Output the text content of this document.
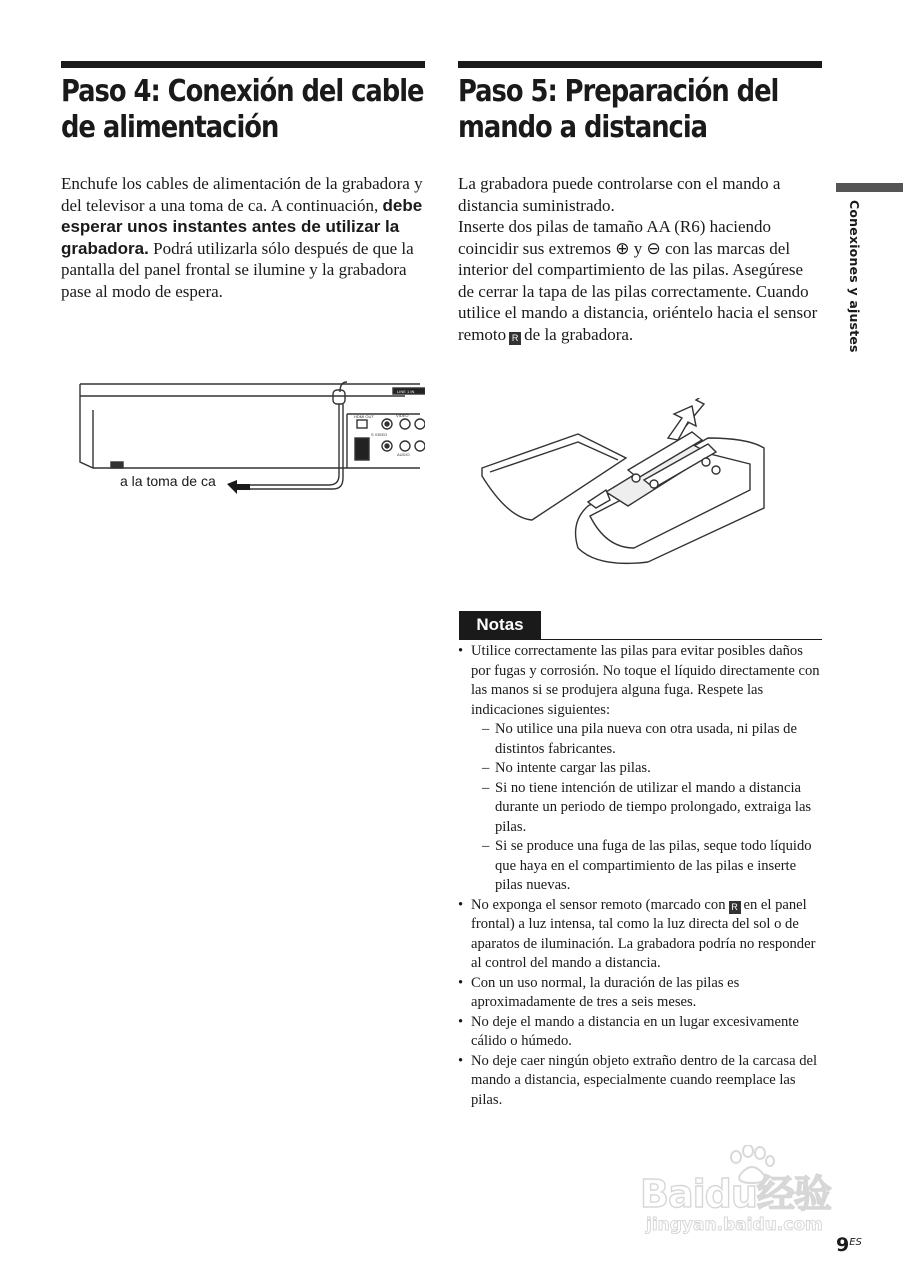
Paso 4: Conexión del cable
de alimentación

Enchufe los cables de alimentación de la grabadora y del televisor a una toma de ca. A continuación, debe esperar unos instantes antes de utilizar la grabadora. Podrá utilizarla sólo después de que la pantalla del panel frontal se ilumine y la grabadora pase al modo de espera.

LINE 1 IN
HDMI OUT	VIDEO
S VIDEO
AUDIO
a la toma de ca
Paso 5: Preparación del
mando a distancia

La grabadora puede controlarse con el mando a distancia suministrado.

Inserte dos pilas de tamaño AA (R6) haciendo coincidir sus extremos ⊕ y ⊖ con las marcas del interior del compartimiento de las pilas. Asegúrese de cerrar la tapa de las pilas correctamente. Cuando utilice el mando a distancia, oriéntelo hacia el sensor remoto R de la grabadora.

Notas
• Utilice correctamente las pilas para evitar posibles daños por fugas y corrosión. No toque el líquido directamente con las manos si se produjera alguna fuga. Respete las indicaciones siguientes:
– No utilice una pila nueva con otra usada, ni pilas de distintos fabricantes.
– No intente cargar las pilas.
– Si no tiene intención de utilizar el mando a distancia durante un periodo de tiempo prolongado, extraiga las pilas.
– Si se produce una fuga de las pilas, seque todo líquido que haya en el compartimiento de las pilas e inserte pilas nuevas.
• No exponga el sensor remoto (marcado con R en el panel frontal) a luz intensa, tal como la luz directa del sol o de aparatos de iluminación. La grabadora podría no responder al control del mando a distancia.
• Con un uso normal, la duración de las pilas es aproximadamente de tres a seis meses.
• No deje el mando a distancia en un lugar excesivamente cálido o húmedo.
• No deje caer ningún objeto extraño dentro de la carcasa del mando a distancia, especialmente cuando reemplace las pilas.
Conexiones y ajustes
Baidu经验
jingyan.baidu.com
$9^{ES}$
